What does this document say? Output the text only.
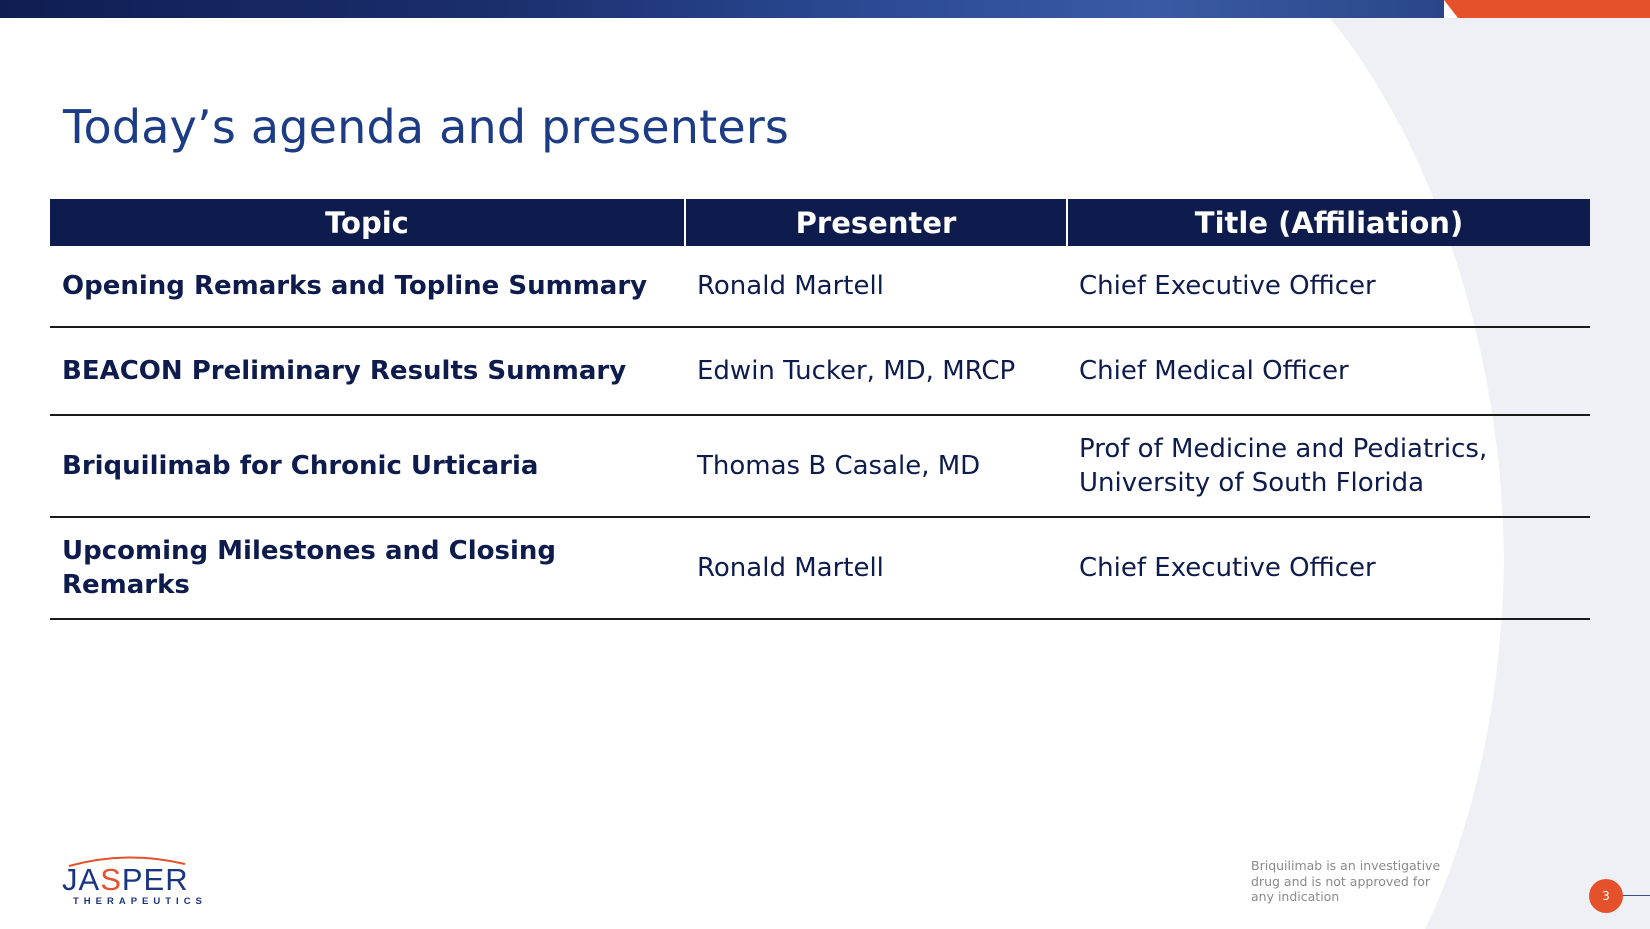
Today’s agenda and presenters
Topic	Presenter	Title (Affiliation)
Opening Remarks and Topline Summary	Ronald Martell	Chief Executive Officer
BEACON Preliminary Results Summary	Edwin Tucker, MD, MRCP	Chief Medical Officer
Briquilimab for Chronic Urticaria	Thomas B Casale, MD	Prof of Medicine and Pediatrics,
University of South Florida
Upcoming Milestones and Closing Remarks	Ronald Martell	Chief Executive Officer
JASPER
THERAPEUTICS

Briquilimab is an investigative drug and is not approved for any indication	3
